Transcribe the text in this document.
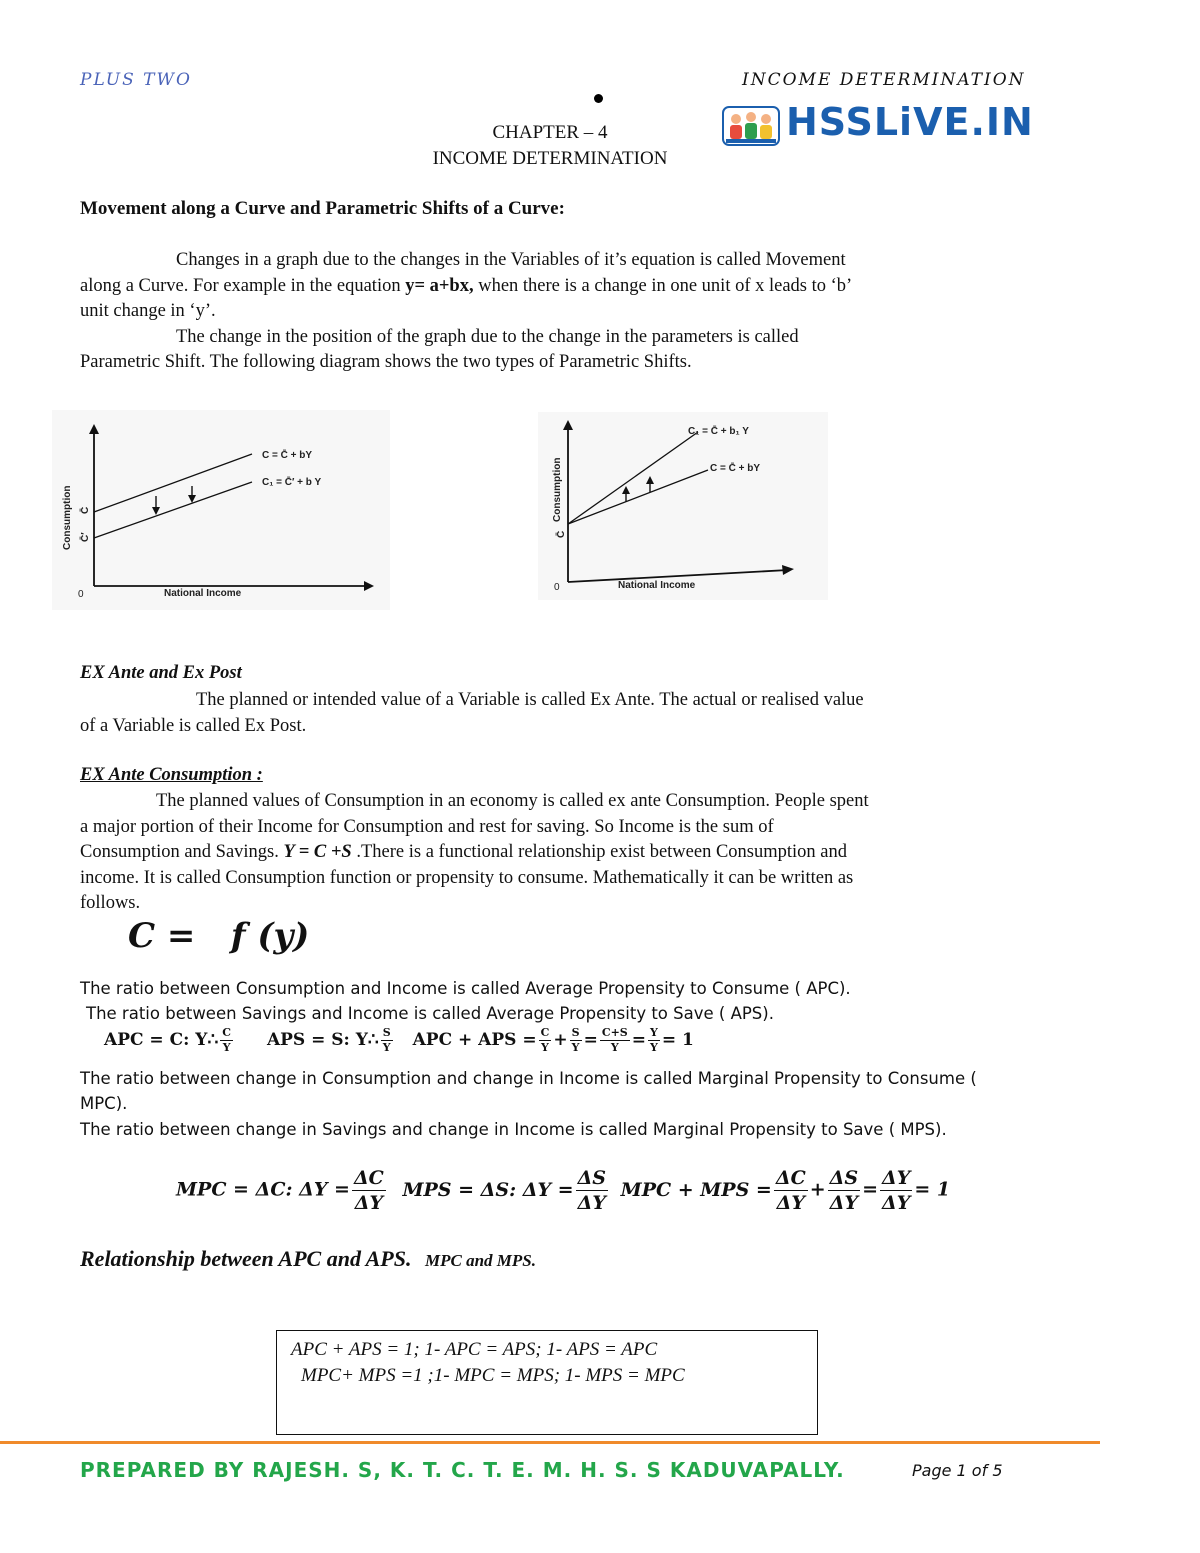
PLUS TWO	INCOME DETERMINATION
CHAPTER – 4
INCOME DETERMINATION
HSSLiVE.IN
Movement along a Curve and Parametric Shifts of a Curve:

Changes in a graph due to the changes in the Variables of it’s equation is called Movement

along a Curve. For example in the equation y= a+bx, when there is a change in one unit of x leads to ‘b’

unit change in ‘y’.

The change in the position of the graph due to the change in the parameters is called

Parametric Shift. The following diagram shows the two types of Parametric Shifts.

C = C̄ + bY
C₁ = C̄′ + b Y
C̄
C̄′
Consumption
National Income
0
C₁ = C̄ + b₁ Y
C = C̄ + bY
C̄
Consumption
National Income
0
EX Ante and Ex Post

The planned or intended value of a Variable is called Ex Ante. The actual or realised value

of a Variable is called Ex Post.

EX Ante Consumption :

The planned values of Consumption in an economy is called ex ante Consumption. People spent

a major portion of their Income for Consumption and rest for saving. So Income is the sum of

Consumption and Savings. Y = C +S .There is a functional relationship exist between Consumption and

income. It is called Consumption function or propensity to consume. Mathematically it can be written as

follows.

C =   f (y)
The ratio between Consumption and Income is called Average Propensity to Consume ( APC).
The ratio between Savings and Income is called Average Propensity to Save ( APS).
APC = C: Y∴ $\frac{C}{Y}$ APS = S: Y∴ $\frac{S}{Y}$ APC + APS = $\frac{C}{Y} + \frac{S}{Y} = \frac{C+S}{Y} = \frac{Y}{Y} = 1$
The ratio between change in Consumption and change in Income is called Marginal Propensity to Consume (
MPC).
The ratio between change in Savings and change in Income is called Marginal Propensity to Save ( MPS).
MPC = ΔC: $\Delta Y = \frac{\Delta C}{\Delta Y}$ MPS = ΔS: $\Delta Y = \frac{\Delta S}{\Delta Y}$ MPC + MPS = $\frac{\Delta C}{\Delta Y} + \frac{\Delta S}{\Delta Y} = \frac{\Delta Y}{\Delta Y} = 1$
Relationship between APC and APS. MPC and MPS.
APC + APS = 1; 1- APC = APS; 1- APS = APC
MPC+ MPS =1 ;1- MPC = MPS; 1- MPS = MPC
PREPARED BY RAJESH. S, K. T. C. T. E. M. H. S. S KADUVAPALLY.	Page 1 of 5
